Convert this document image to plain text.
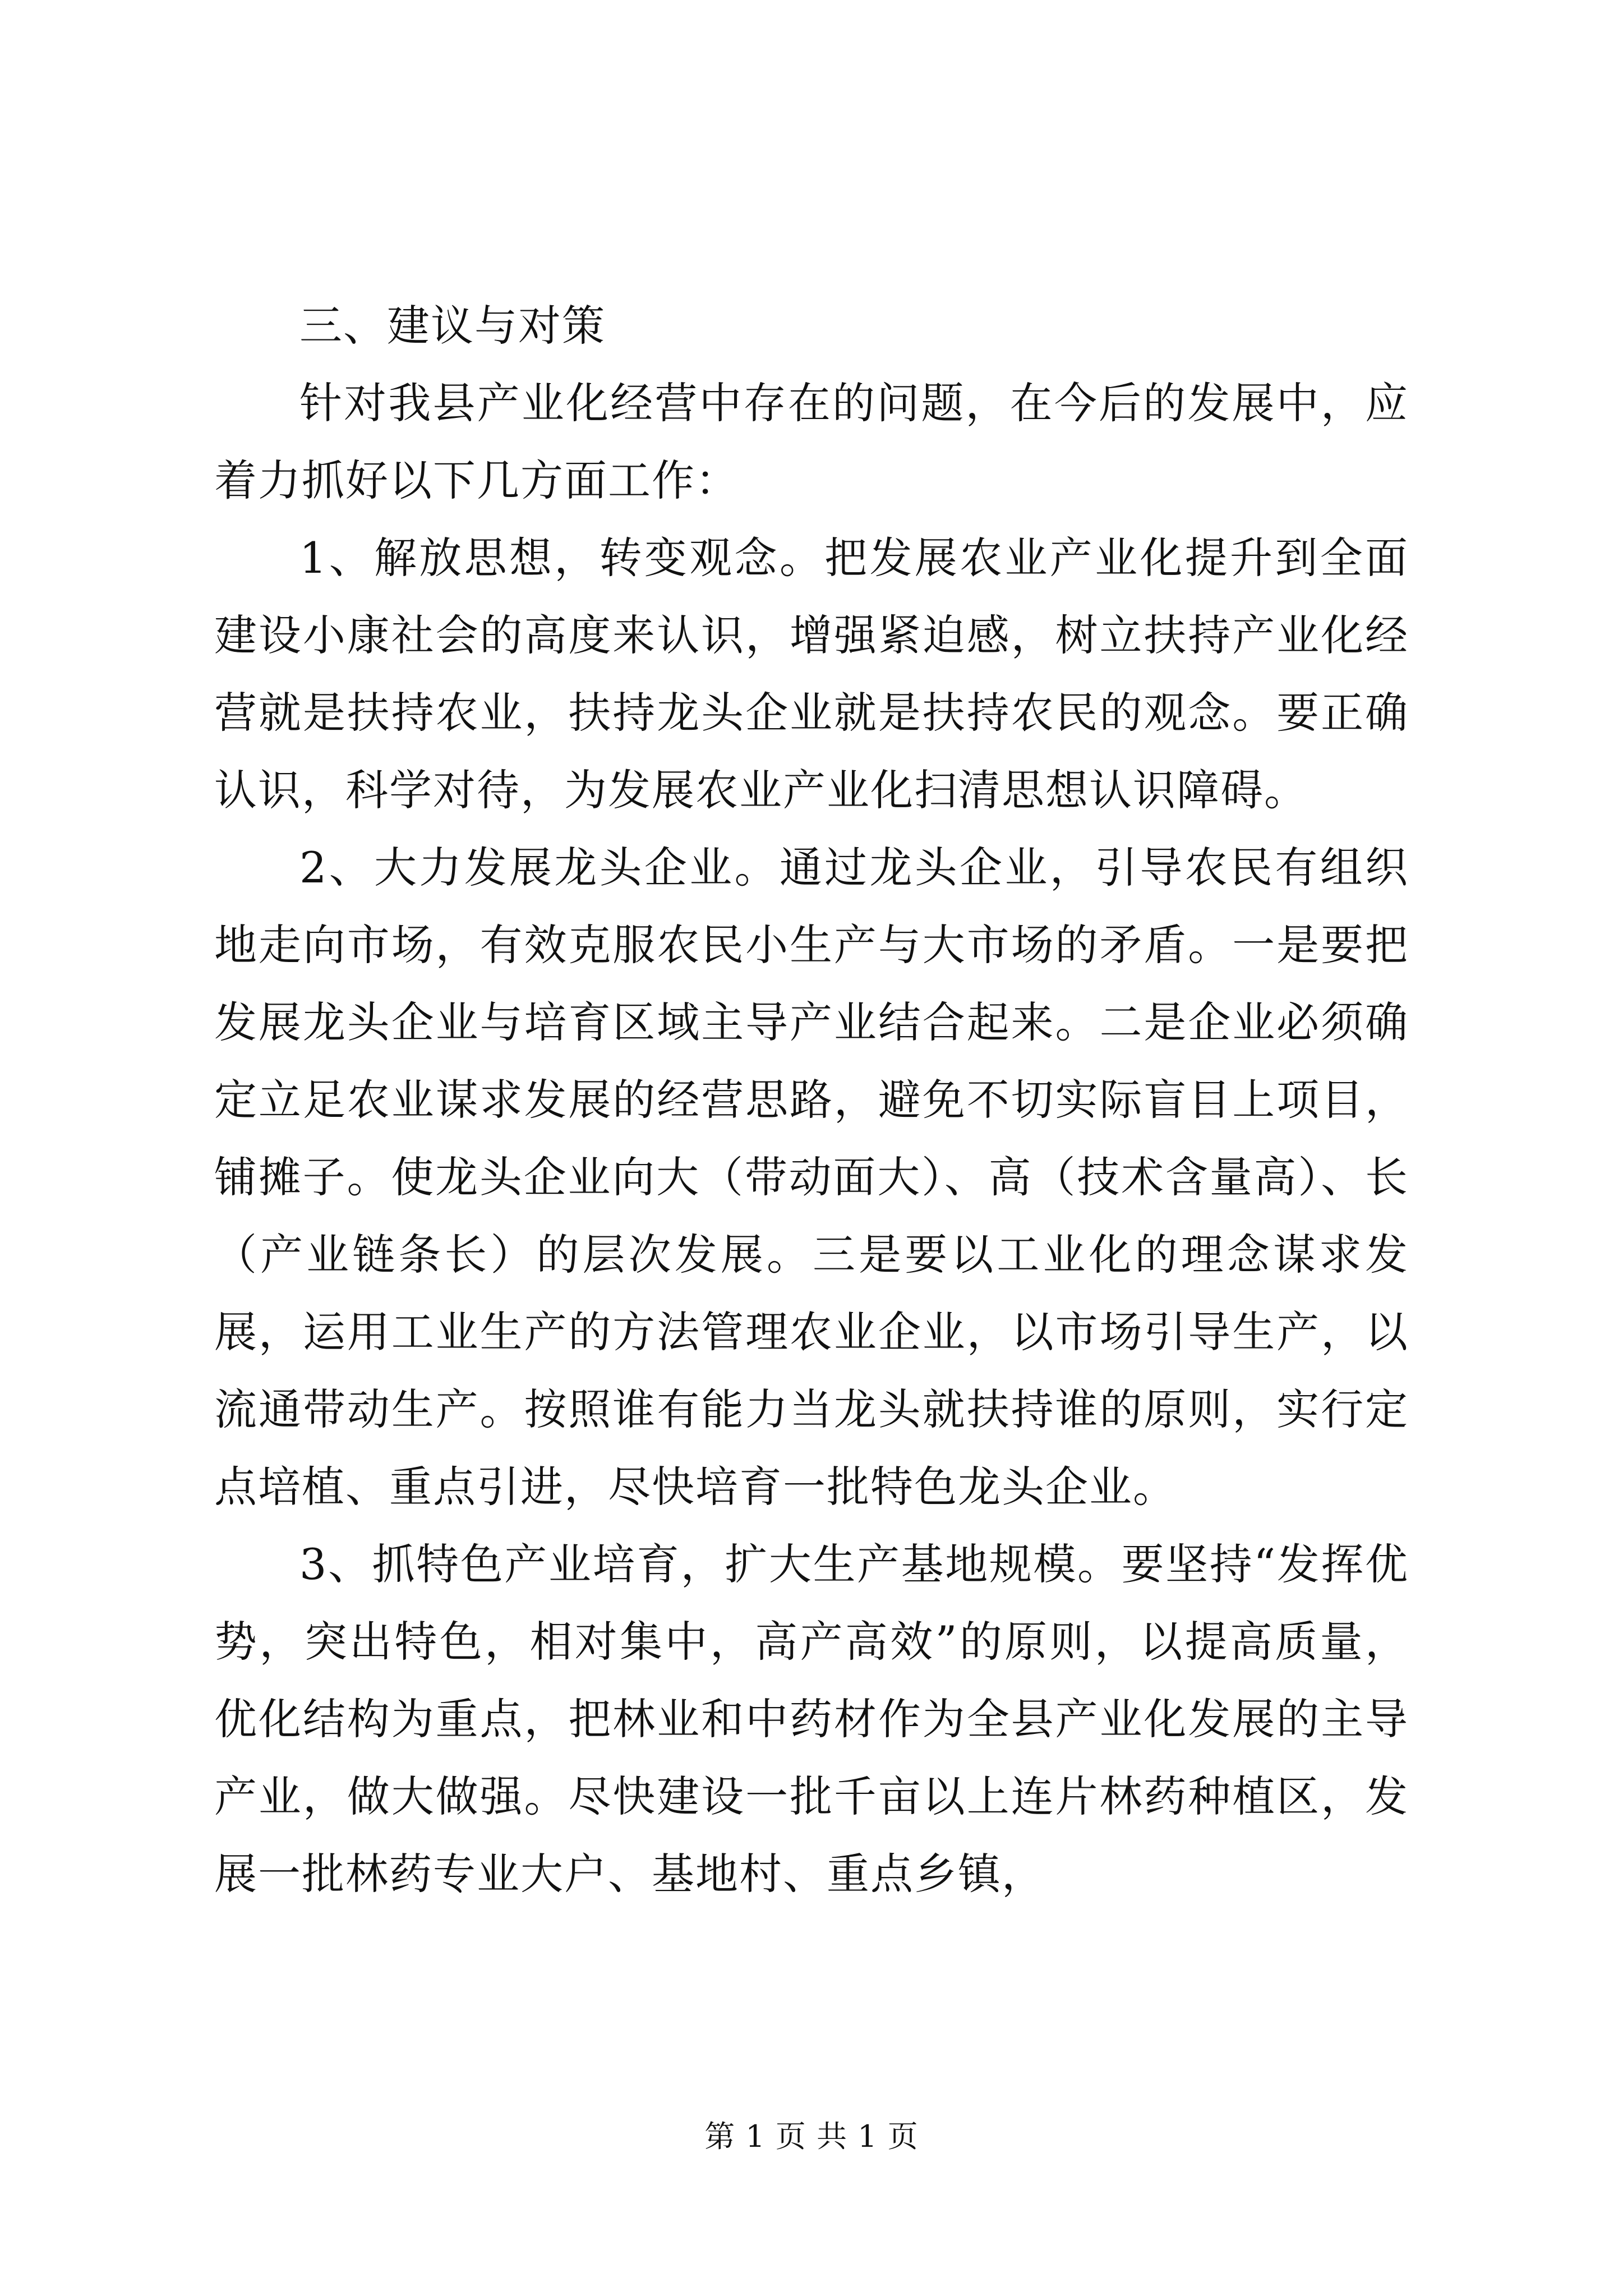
三、建议与对策

针对我县产业化经营中存在的问题，在今后的发展中，应着力抓好以下几方面工作：

1、解放思想，转变观念。把发展农业产业化提升到全面建设小康社会的高度来认识，增强紧迫感，树立扶持产业化经营就是扶持农业，扶持龙头企业就是扶持农民的观念。要正确认识，科学对待，为发展农业产业化扫清思想认识障碍。

2、大力发展龙头企业。通过龙头企业，引导农民有组织地走向市场，有效克服农民小生产与大市场的矛盾。一是要把发展龙头企业与培育区域主导产业结合起来。二是企业必须确定立足农业谋求发展的经营思路，避免不切实际盲目上项目，铺摊子。使龙头企业向大（带动面大）、高（技术含量高）、长（产业链条长）的层次发展。三是要以工业化的理念谋求发展，运用工业生产的方法管理农业企业，以市场引导生产，以流通带动生产。按照谁有能力当龙头就扶持谁的原则，实行定点培植、重点引进，尽快培育一批特色龙头企业。

3、抓特色产业培育，扩大生产基地规模。要坚持“发挥优势，突出特色，相对集中，高产高效”的原则，以提高质量，优化结构为重点，把林业和中药材作为全县产业化发展的主导产业，做大做强。尽快建设一批千亩以上连片林药种植区，发展一批林药专业大户、基地村、重点乡镇，

第 1 页 共 1 页
